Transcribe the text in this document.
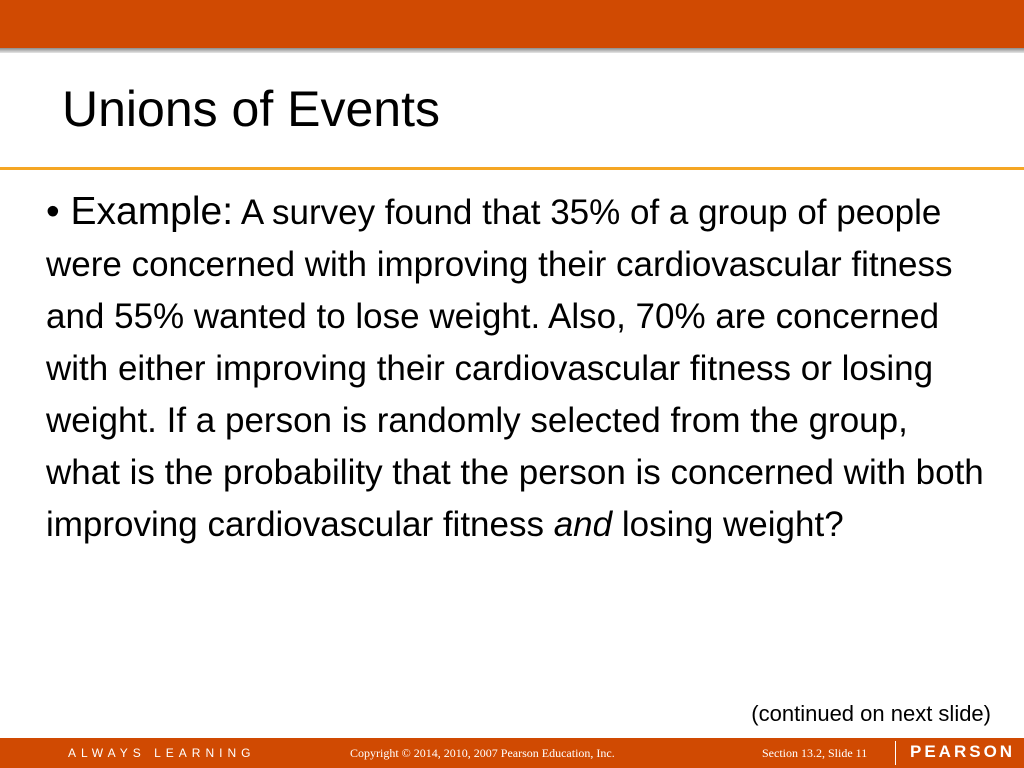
Unions of Events

• Example: A survey found that 35% of a group of people were concerned with improving their cardiovascular fitness and 55% wanted to lose weight. Also, 70% are concerned with either improving their cardiovascular fitness or losing weight. If a person is randomly selected from the group, what is the probability that the person is concerned with both improving cardiovascular fitness and losing weight?

(continued on next slide)
ALWAYS LEARNING	Copyright © 2014, 2010, 2007 Pearson Education, Inc.	Section 13.2, Slide 11	PEARSON
